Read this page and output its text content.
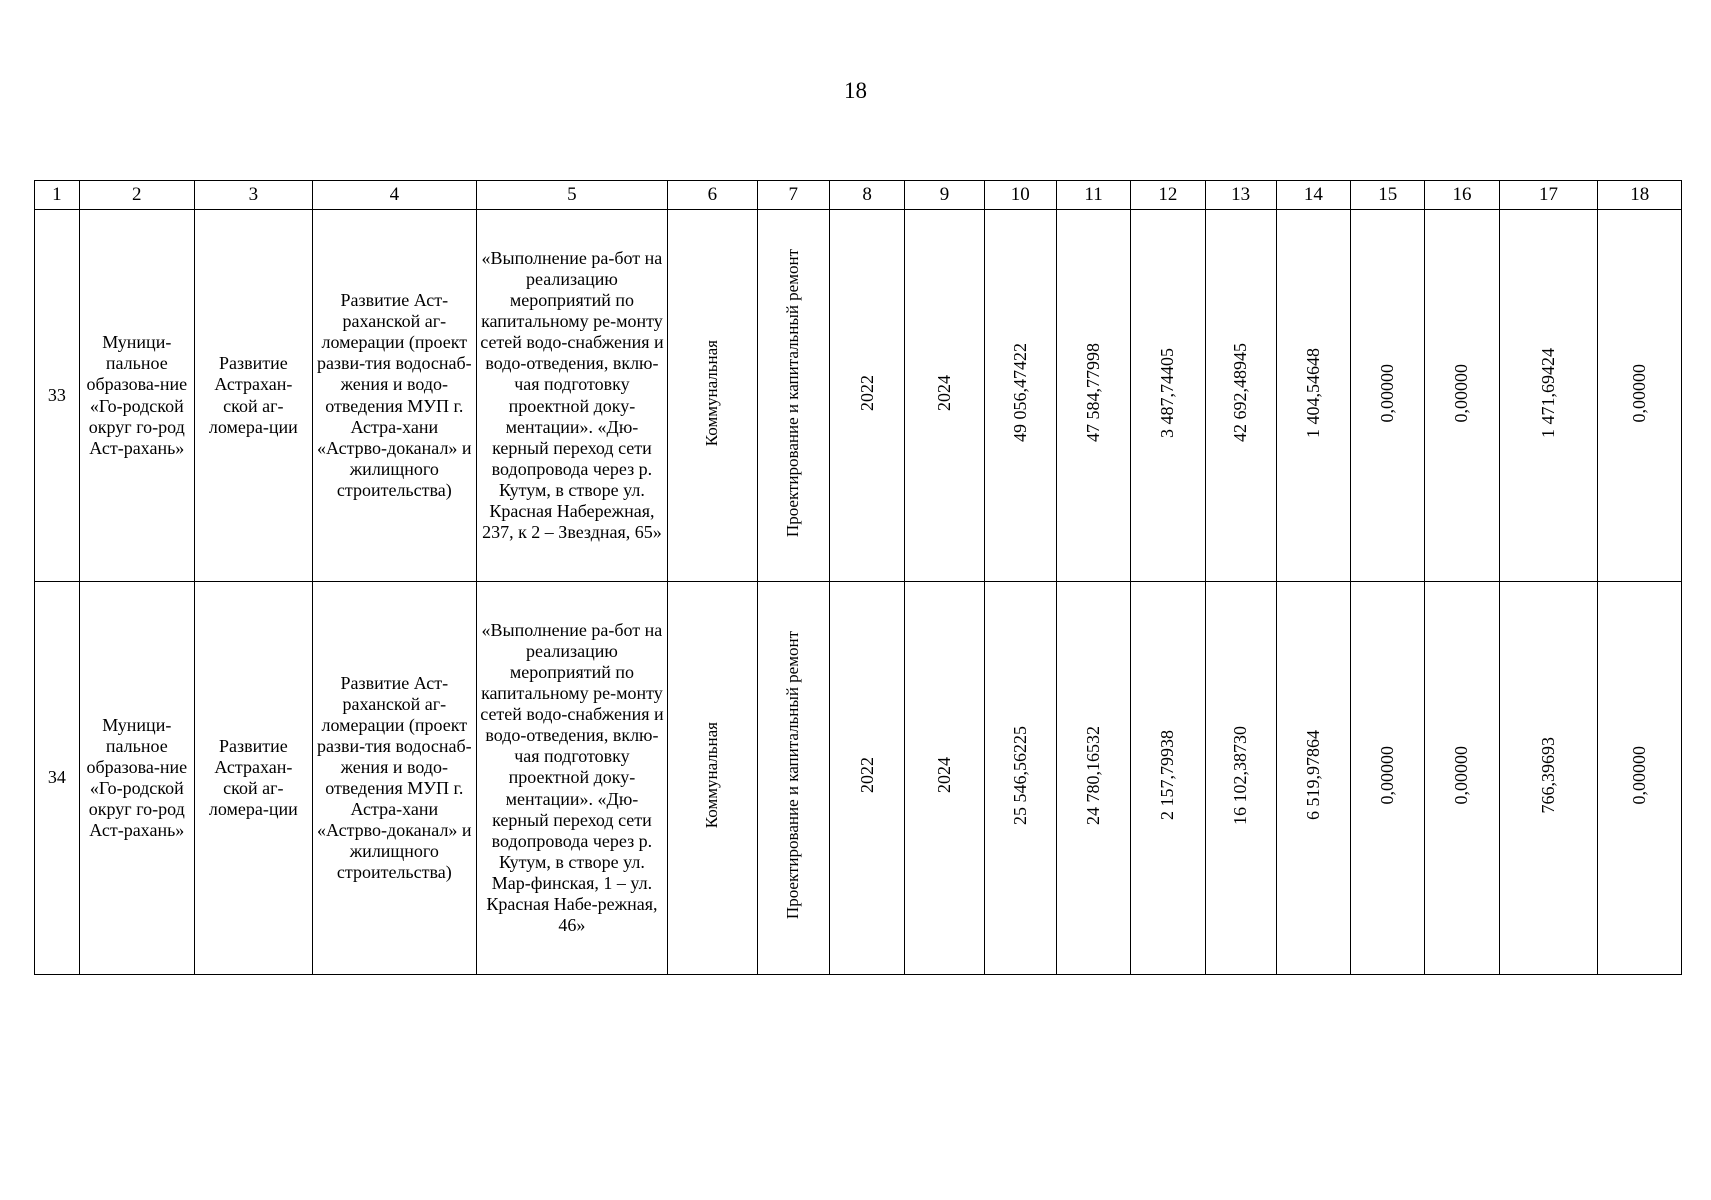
18
1	2	3	4	5	6	7	8	9	10	11	12	13	14	15	16	17	18
33	Муници-пальное образова-ние «Го-родской округ го-род Аст-рахань»	Развитие Астрахан-ской аг-ломера-ции	Развитие Аст-раханской аг-ломерации (проект разви-тия водоснаб-жения и водо-отведения МУП г. Астра-хани «Астрво-доканал» и жилищного строительства)	«Выполнение ра-бот на реализацию мероприятий по капитальному ре-монту сетей водо-снабжения и водо-отведения, вклю-чая подготовку проектной доку-ментации». «Дю-керный переход сети водопровода через р. Кутум, в створе ул. Красная Набережная, 237, к 2 – Звездная, 65»	Коммунальная	Проектирование и капитальный ремонт	2022	2024	49 056,47422	47 584,77998	3 487,74405	42 692,48945	1 404,54648	0,00000	0,00000	1 471,69424	0,00000
34	Муници-пальное образова-ние «Го-родской округ го-род Аст-рахань»	Развитие Астрахан-ской аг-ломера-ции	Развитие Аст-раханской аг-ломерации (проект разви-тия водоснаб-жения и водо-отведения МУП г. Астра-хани «Астрво-доканал» и жилищного строительства)	«Выполнение ра-бот на реализацию мероприятий по капитальному ре-монту сетей водо-снабжения и водо-отведения, вклю-чая подготовку проектной доку-ментации». «Дю-керный переход сети водопровода через р. Кутум, в створе ул. Мар-финская, 1 – ул. Красная Набе-режная, 46»	Коммунальная	Проектирование и капитальный ремонт	2022	2024	25 546,56225	24 780,16532	2 157,79938	16 102,38730	6 519,97864	0,00000	0,00000	766,39693	0,00000
